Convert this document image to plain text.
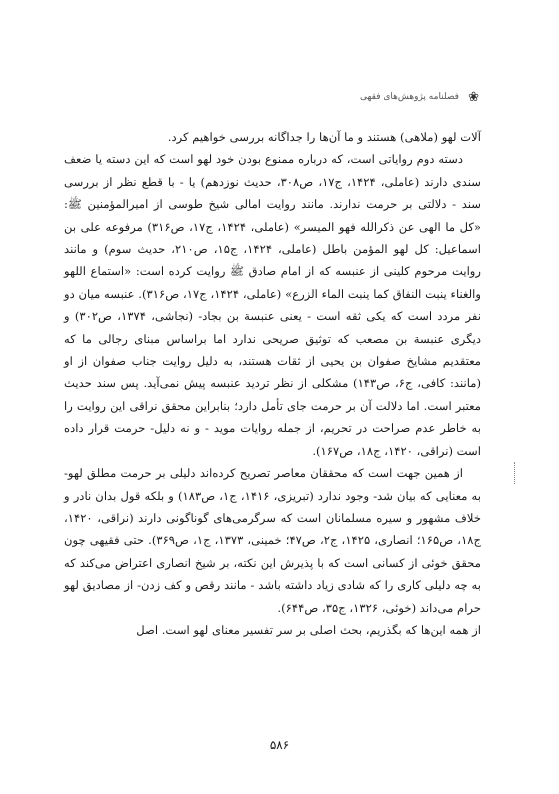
فصلنامه پژوهش‌های فقهی ❀

آلات لهو (ملاهی) هستند و ما آن‌ها را جداگانه بررسی خواهیم کرد.

دسته دوم روایاتی است، که درباره ممنوع بودن خود لهو است که این دسته یا ضعف سندی دارند (عاملی، ۱۴۲۴، ج۱۷، ص۳۰۸، حدیث نوزدهم) یا - با قطع نظر از بررسی سند - دلالتی بر حرمت ندارند. مانند روایت امالی شیخ طوسی از امیرالمؤمنین ﷺ: «کل ما الهی عن ذکرالله فهو المیسر» (عاملی، ۱۴۲۴، ج۱۷، ص۳۱۶) مرفوعه علی بن اسماعیل: کل لهو المؤمن باطل (عاملی، ۱۴۲۴، ج۱۵، ص۲۱۰، حدیث سوم) و مانند روایت مرحوم کلینی از عنبسه که از امام صادق ﷺ روایت کرده است: «استماع اللهو والغناء ینبت النفاق کما ینبت الماء الزرع» (عاملی، ۱۴۲۴، ج۱۷، ص۳۱۶). عنبسه میان دو نفر مردد است که یکی ثقه است - یعنی عنبسة بن بجاد- (نجاشی، ۱۳۷۴، ص۳۰۲) و دیگری عنبسة بن مصعب که توثیق صریحی ندارد اما براساس مبنای رجالی ما که معتقدیم مشایخ صفوان بن یحیی از ثقات هستند، به دلیل روایت جناب صفوان از او (مانند: کافی، ج۶، ص۱۴۳) مشکلی از نظر تردید عنبسه پیش نمی‌آید. پس سند حدیث معتبر است. اما دلالت آن بر حرمت جای تأمل دارد؛ بنابراین محقق نراقی این روایت را به خاطر عدم صراحت در تحریم، از جمله روایات موید - و نه دلیل- حرمت قرار داده است (نراقی، ۱۴۲۰، ج۱۸، ص۱۶۷).

از همین جهت است که محققان معاصر تصریح کرده‌اند دلیلی بر حرمت مطلق لهو- به معنایی که بیان شد- وجود ندارد (تبریزی، ۱۴۱۶، ج۱، ص۱۸۳) و بلکه قول بدان نادر و خلاف مشهور و سیره مسلمانان است که سرگرمی‌های گوناگونی دارند (نراقی، ۱۴۲۰، ج۱۸، ص۱۶۵؛ انصاری، ۱۴۲۵، ج۲، ص۴۷؛ خمینی، ۱۳۷۳، ج۱، ص۳۶۹). حتی فقیهی چون محقق خوئی از کسانی است که با پذیرش این نکته، بر شیخ انصاری اعتراض می‌کند که به چه دلیلی کاری را که شادی زیاد داشته باشد - مانند رقص و کف زدن- از مصادیق لهو حرام می‌داند (خوئی، ۱۳۲۶، ج۳۵، ص۶۴۴).

از همه این‌ها که بگذریم، بحث اصلی بر سر تفسیر معنای لهو است. اصل

۵۸۶
